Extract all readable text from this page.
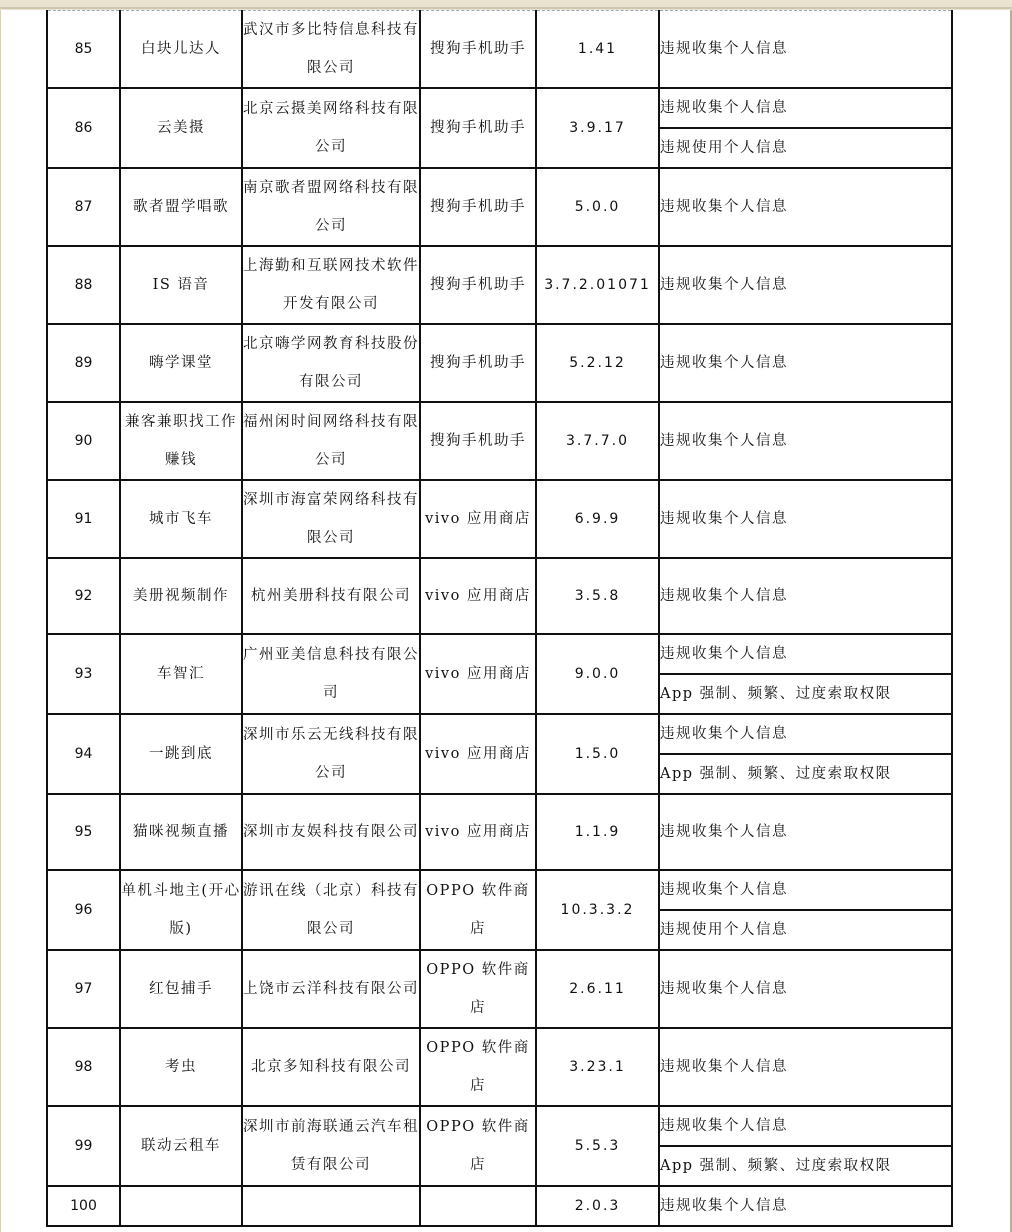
85	白块儿达人	武汉市多比特信息科技有限公司	搜狗手机助手	1.41	违规收集个人信息
86	云美摄	北京云摄美网络科技有限公司	搜狗手机助手	3.9.17	违规收集个人信息
					违规使用个人信息
87	歌者盟学唱歌	南京歌者盟网络科技有限公司	搜狗手机助手	5.0.0	违规收集个人信息
88	IS 语音	上海勤和互联网技术软件开发有限公司	搜狗手机助手	3.7.2.01071	违规收集个人信息
89	嗨学课堂	北京嗨学网教育科技股份有限公司	搜狗手机助手	5.2.12	违规收集个人信息
90	兼客兼职找工作赚钱	福州闲时间网络科技有限公司	搜狗手机助手	3.7.7.0	违规收集个人信息
91	城市飞车	深圳市海富荣网络科技有限公司	vivo 应用商店	6.9.9	违规收集个人信息
92	美册视频制作	杭州美册科技有限公司	vivo 应用商店	3.5.8	违规收集个人信息
93	车智汇	广州亚美信息科技有限公司	vivo 应用商店	9.0.0	违规收集个人信息
					App 强制、频繁、过度索取权限
94	一跳到底	深圳市乐云无线科技有限公司	vivo 应用商店	1.5.0	违规收集个人信息
					App 强制、频繁、过度索取权限
95	猫咪视频直播	深圳市友娱科技有限公司	vivo 应用商店	1.1.9	违规收集个人信息
96	单机斗地主(开心版)	游讯在线（北京）科技有限公司	OPPO 软件商店	10.3.3.2	违规收集个人信息
					违规使用个人信息
97	红包捕手	上饶市云洋科技有限公司	OPPO 软件商店	2.6.11	违规收集个人信息
98	考虫	北京多知科技有限公司	OPPO 软件商店	3.23.1	违规收集个人信息
99	联动云租车	深圳市前海联通云汽车租赁有限公司	OPPO 软件商店	5.5.3	违规收集个人信息
					App 强制、频繁、过度索取权限
100				2.0.3	违规收集个人信息
